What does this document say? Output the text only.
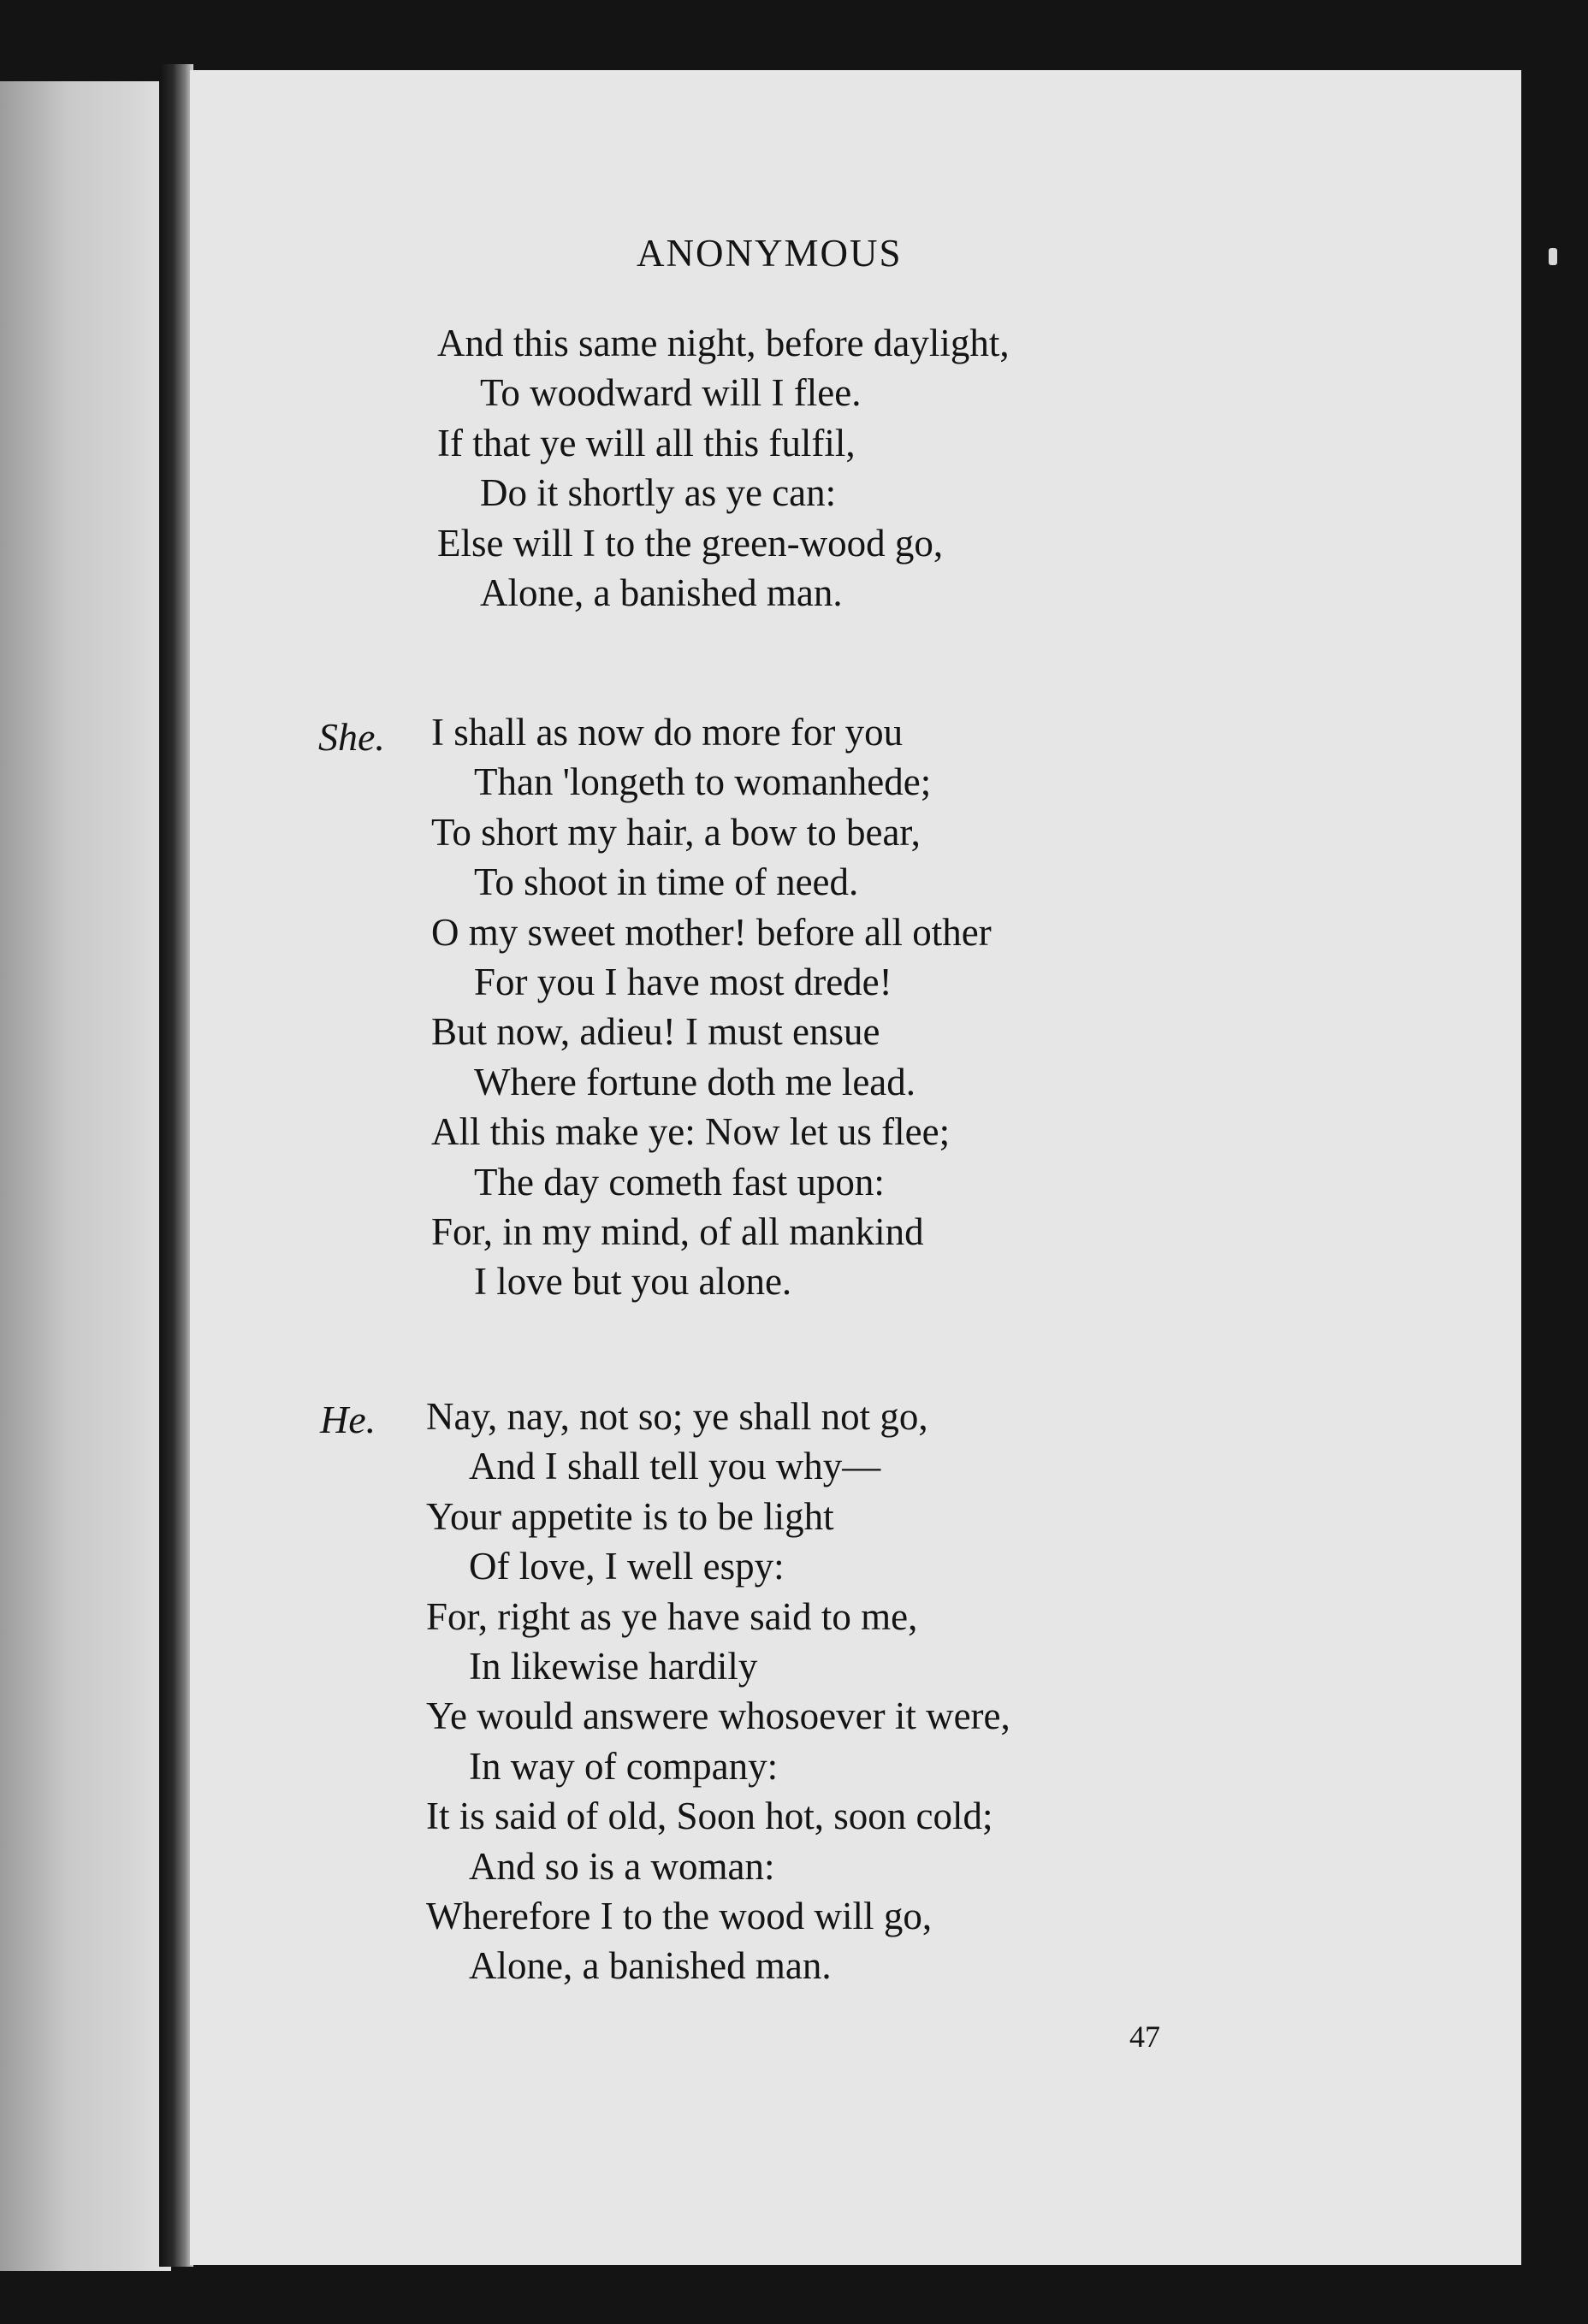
ANONYMOUS
And this same night, before daylight,
To woodward will I flee.
If that ye will all this fulfil,
Do it shortly as ye can:
Else will I to the green-wood go,
Alone, a banished man.
She. I shall as now do more for you
Than 'longeth to womanhede;
To short my hair, a bow to bear,
To shoot in time of need.
O my sweet mother! before all other
For you I have most drede!
But now, adieu! I must ensue
Where fortune doth me lead.
All this make ye: Now let us flee;
The day cometh fast upon:
For, in my mind, of all mankind
I love but you alone.
He. Nay, nay, not so; ye shall not go,
And I shall tell you why—
Your appetite is to be light
Of love, I well espy:
For, right as ye have said to me,
In likewise hardily
Ye would answere whosoever it were,
In way of company:
It is said of old, Soon hot, soon cold;
And so is a woman:
Wherefore I to the wood will go,
Alone, a banished man.
47
